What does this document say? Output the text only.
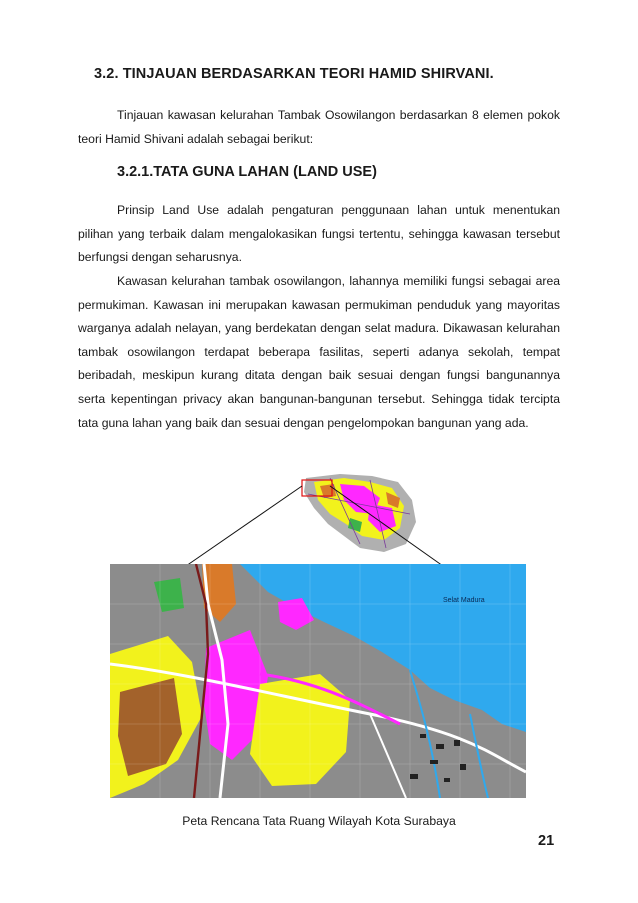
3.2. TINJAUAN BERDASARKAN TEORI HAMID SHIRVANI.

Tinjauan kawasan kelurahan Tambak Osowilangon berdasarkan 8 elemen pokok teori Hamid Shivani adalah sebagai berikut:

3.2.1.TATA GUNA LAHAN (LAND USE)

Prinsip Land Use adalah pengaturan penggunaan lahan untuk menentukan pilihan yang terbaik dalam mengalokasikan fungsi tertentu, sehingga kawasan tersebut berfungsi dengan seharusnya.

Kawasan kelurahan tambak osowilangon, lahannya memiliki fungsi sebagai area permukiman. Kawasan ini merupakan kawasan permukiman penduduk yang mayoritas warganya adalah nelayan, yang berdekatan dengan selat madura. Dikawasan kelurahan tambak osowilangon terdapat beberapa fasilitas, seperti adanya sekolah, tempat beribadah, meskipun kurang ditata dengan baik sesuai dengan fungsi bangunannya serta kepentingan privacy akan bangunan-bangunan tersebut. Sehingga tidak tercipta tata guna lahan yang baik dan sesuai dengan pengelompokan bangunan yang ada.

Selat Madura
Peta Rencana Tata Ruang Wilayah Kota Surabaya
21
